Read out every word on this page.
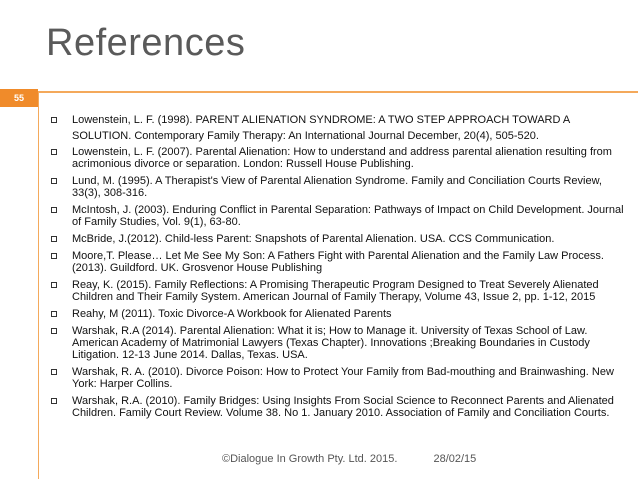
References
55
Lowenstein, L. F. (1998). PARENT ALIENATION SYNDROME: A TWO STEP APPROACH TOWARD A SOLUTION. Contemporary Family Therapy: An International Journal December, 20(4), 505-520.
Lowenstein, L. F. (2007). Parental Alienation: How to understand and address parental alienation resulting from acrimonious divorce or separation. London: Russell House Publishing.
Lund, M. (1995). A Therapist's View of Parental Alienation Syndrome. Family and Conciliation Courts Review, 33(3), 308-316.
McIntosh, J. (2003). Enduring Conflict in Parental Separation: Pathways of Impact on Child Development. Journal of Family Studies, Vol. 9(1), 63-80.
McBride, J.(2012). Child-less Parent: Snapshots of Parental Alienation. USA. CCS Communication.
Moore,T. Please… Let Me See My Son: A Fathers Fight with Parental Alienation and the Family Law Process.(2013). Guildford. UK. Grosvenor House Publishing
Reay, K. (2015). Family Reflections: A Promising Therapeutic Program Designed to Treat Severely Alienated Children and Their Family System. American Journal of Family Therapy, Volume 43, Issue 2, pp. 1-12, 2015
Reahy, M (2011). Toxic Divorce-A Workbook for Alienated Parents
Warshak, R.A (2014). Parental Alienation: What it is; How to Manage it. University of Texas School of Law. American Academy of Matrimonial Lawyers (Texas Chapter). Innovations ;Breaking Boundaries in Custody Litigation. 12-13 June 2014. Dallas, Texas. USA.
Warshak, R. A. (2010). Divorce Poison: How to Protect Your Family from Bad-mouthing and Brainwashing. New York: Harper Collins.
Warshak, R.A. (2010). Family Bridges: Using Insights From Social Science to Reconnect Parents and Alienated Children. Family Court Review. Volume 38. No 1. January 2010. Association of Family and Conciliation Courts.
©Dialogue In Growth Pty. Ltd. 2015.	28/02/15
